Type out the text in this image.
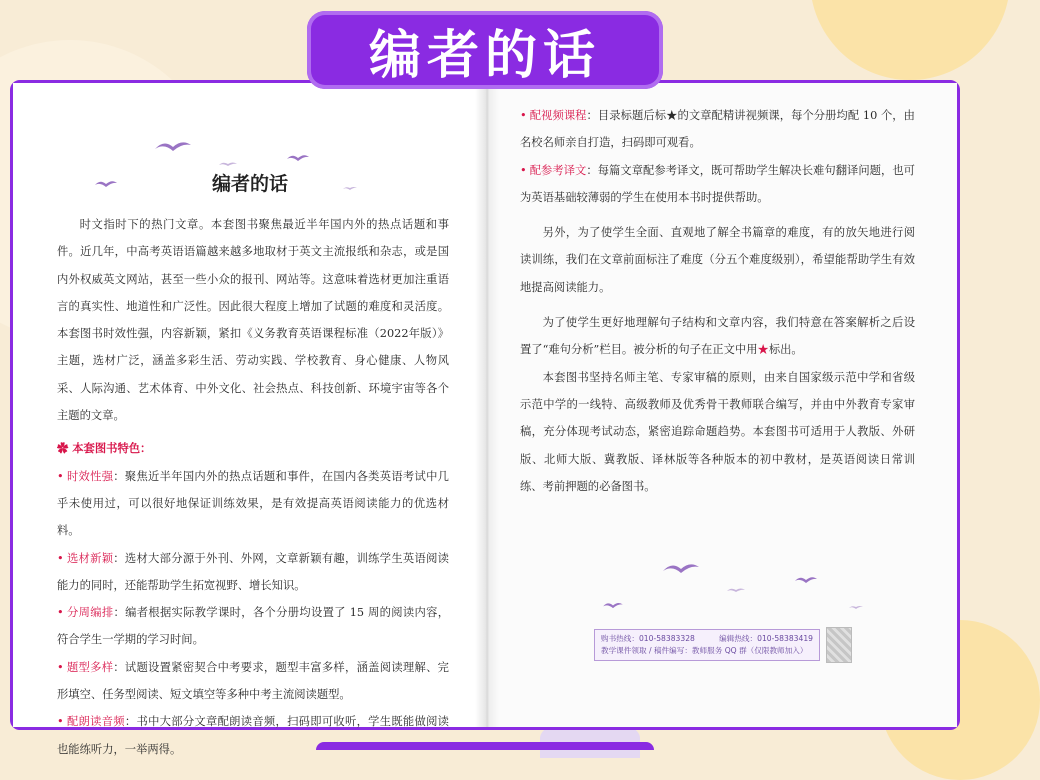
编者的话

时文指时下的热门文章。本套图书聚焦最近半年国内外的热点话题和事件。近几年，中高考英语语篇越来越多地取材于英文主流报纸和杂志，或是国内外权威英文网站，甚至一些小众的报刊、网站等。这意味着选材更加注重语言的真实性、地道性和广泛性。因此很大程度上增加了试题的难度和灵活度。本套图书时效性强，内容新颖，紧扣《义务教育英语课程标准（2022年版）》主题，选材广泛，涵盖多彩生活、劳动实践、学校教育、身心健康、人物风采、人际沟通、艺术体育、中外文化、社会热点、科技创新、环境宇宙等各个主题的文章。

✿ 本套图书特色：

• 时效性强：聚焦近半年国内外的热点话题和事件，在国内各类英语考试中几乎未使用过，可以很好地保证训练效果，是有效提高英语阅读能力的优选材料。

• 选材新颖：选材大部分源于外刊、外网，文章新颖有趣，训练学生英语阅读能力的同时，还能帮助学生拓宽视野、增长知识。

• 分周编排：编者根据实际教学课时，各个分册均设置了 15 周的阅读内容，符合学生一学期的学习时间。

• 题型多样：试题设置紧密契合中考要求，题型丰富多样，涵盖阅读理解、完形填空、任务型阅读、短文填空等多种中考主流阅读题型。

• 配朗读音频：书中大部分文章配朗读音频，扫码即可收听，学生既能做阅读也能练听力，一举两得。

• 配视频课程：目录标题后标★的文章配精讲视频课，每个分册均配 10 个，由名校名师亲自打造，扫码即可观看。

• 配参考译文：每篇文章配参考译文，既可帮助学生解决长难句翻译问题，也可为英语基础较薄弱的学生在使用本书时提供帮助。

另外，为了使学生全面、直观地了解全书篇章的难度，有的放矢地进行阅读训练，我们在文章前面标注了难度（分五个难度级别），希望能帮助学生有效地提高阅读能力。

为了使学生更好地理解句子结构和文章内容，我们特意在答案解析之后设置了“难句分析”栏目。被分析的句子在正文中用★标出。

本套图书坚持名师主笔、专家审稿的原则，由来自国家级示范中学和省级示范中学的一线特、高级教师及优秀骨干教师联合编写，并由中外教育专家审稿，充分体现考试动态，紧密追踪命题趋势。本套图书可适用于人教版、外研版、北师大版、冀教版、译林版等各种版本的初中教材，是英语阅读日常训练、考前押题的必备图书。

购书热线：010-58383328	编辑热线：010-58383419
教学课件领取 / 稿件编写：教师服务 QQ 群（仅限教师加入）
编者的话
